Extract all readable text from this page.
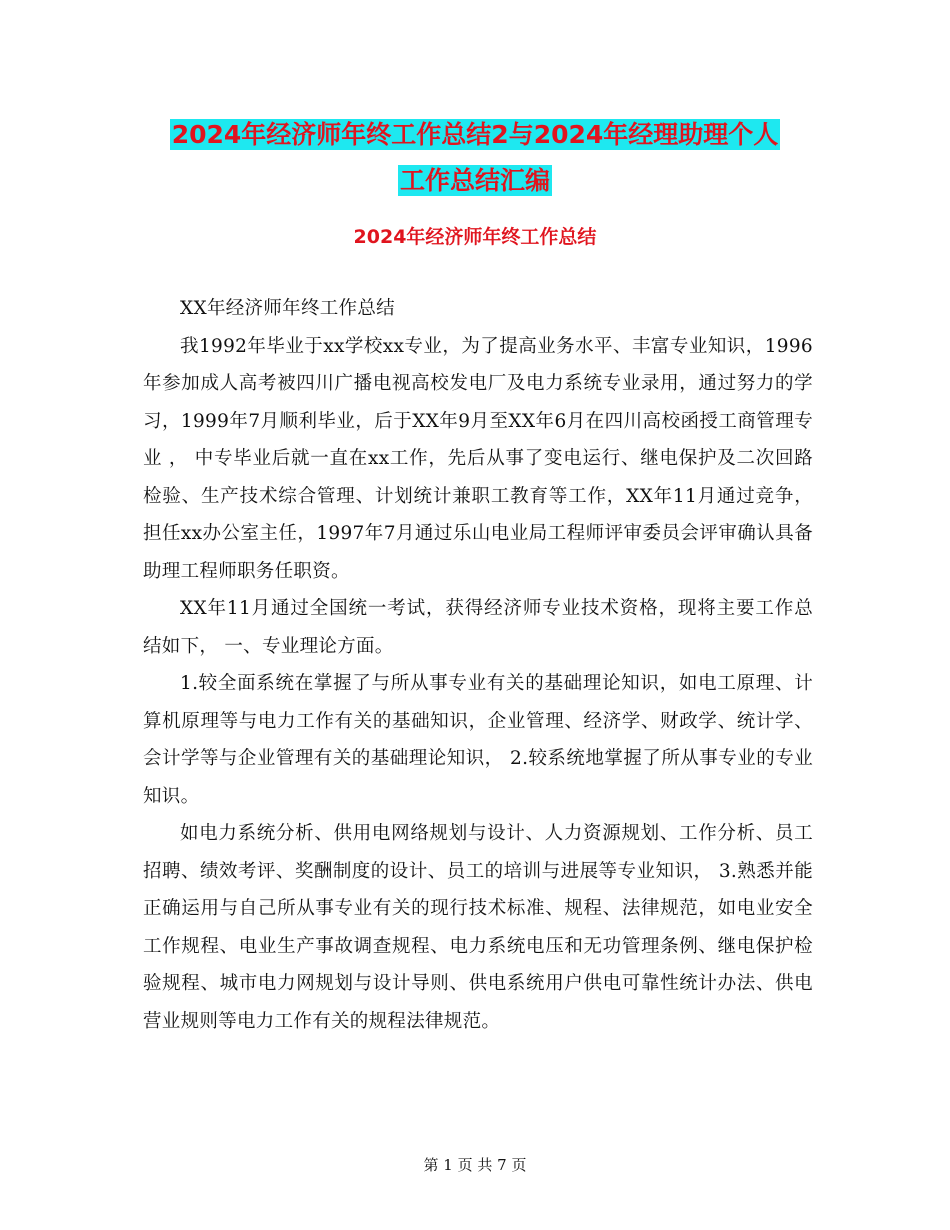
2024年经济师年终工作总结2与2024年经理助理个人
工作总结汇编
2024年经济师年终工作总结

XX年经济师年终工作总结

我1992年毕业于xx学校xx专业，为了提高业务水平、丰富专业知识，1996年参加成人高考被四川广播电视高校发电厂及电力系统专业录用，通过努力的学习，1999年7月顺利毕业，后于XX年9月至XX年6月在四川高校函授工商管理专业 ， 中专毕业后就一直在xx工作，先后从事了变电运行、继电保护及二次回路检验、生产技术综合管理、计划统计兼职工教育等工作，XX年11月通过竞争，担任xx办公室主任，1997年7月通过乐山电业局工程师评审委员会评审确认具备助理工程师职务任职资。

XX年11月通过全国统一考试，获得经济师专业技术资格，现将主要工作总结如下， 一、专业理论方面。

1.较全面系统在掌握了与所从事专业有关的基础理论知识，如电工原理、计算机原理等与电力工作有关的基础知识，企业管理、经济学、财政学、统计学、会计学等与企业管理有关的基础理论知识， 2.较系统地掌握了所从事专业的专业知识。

如电力系统分析、供用电网络规划与设计、人力资源规划、工作分析、员工招聘、绩效考评、奖酬制度的设计、员工的培训与进展等专业知识， 3.熟悉并能正确运用与自己所从事专业有关的现行技术标准、规程、法律规范，如电业安全工作规程、电业生产事故调查规程、电力系统电压和无功管理条例、继电保护检验规程、城市电力网规划与设计导则、供电系统用户供电可靠性统计办法、供电营业规则等电力工作有关的规程法律规范。

第 1 页 共 7 页
